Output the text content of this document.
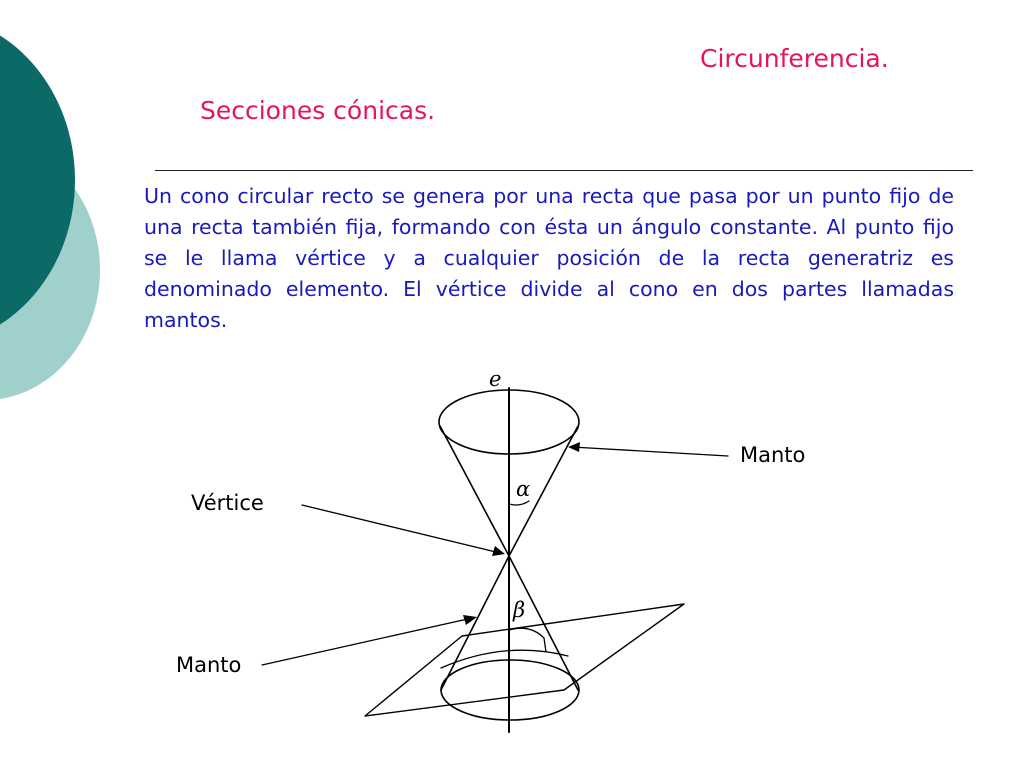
Circunferencia.
Secciones cónicas.

Un cono circular recto se genera por una recta que pasa por un punto fijo de una recta también fija, formando con ésta un ángulo constante. Al punto fijo se le llama vértice y a cualquier posición de la recta generatriz es denominado elemento. El vértice divide al cono en dos partes llamadas mantos.

e
α
β
Manto
Vértice
Manto
